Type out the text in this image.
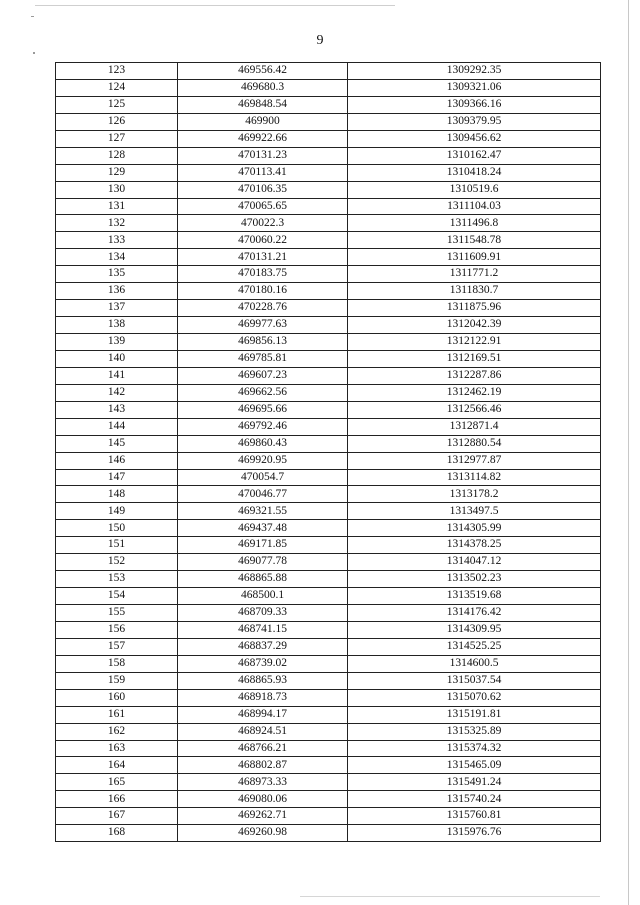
9
123	469556.42	1309292.35
124	469680.3	1309321.06
125	469848.54	1309366.16
126	469900	1309379.95
127	469922.66	1309456.62
128	470131.23	1310162.47
129	470113.41	1310418.24
130	470106.35	1310519.6
131	470065.65	1311104.03
132	470022.3	1311496.8
133	470060.22	1311548.78
134	470131.21	1311609.91
135	470183.75	1311771.2
136	470180.16	1311830.7
137	470228.76	1311875.96
138	469977.63	1312042.39
139	469856.13	1312122.91
140	469785.81	1312169.51
141	469607.23	1312287.86
142	469662.56	1312462.19
143	469695.66	1312566.46
144	469792.46	1312871.4
145	469860.43	1312880.54
146	469920.95	1312977.87
147	470054.7	1313114.82
148	470046.77	1313178.2
149	469321.55	1313497.5
150	469437.48	1314305.99
151	469171.85	1314378.25
152	469077.78	1314047.12
153	468865.88	1313502.23
154	468500.1	1313519.68
155	468709.33	1314176.42
156	468741.15	1314309.95
157	468837.29	1314525.25
158	468739.02	1314600.5
159	468865.93	1315037.54
160	468918.73	1315070.62
161	468994.17	1315191.81
162	468924.51	1315325.89
163	468766.21	1315374.32
164	468802.87	1315465.09
165	468973.33	1315491.24
166	469080.06	1315740.24
167	469262.71	1315760.81
168	469260.98	1315976.76
